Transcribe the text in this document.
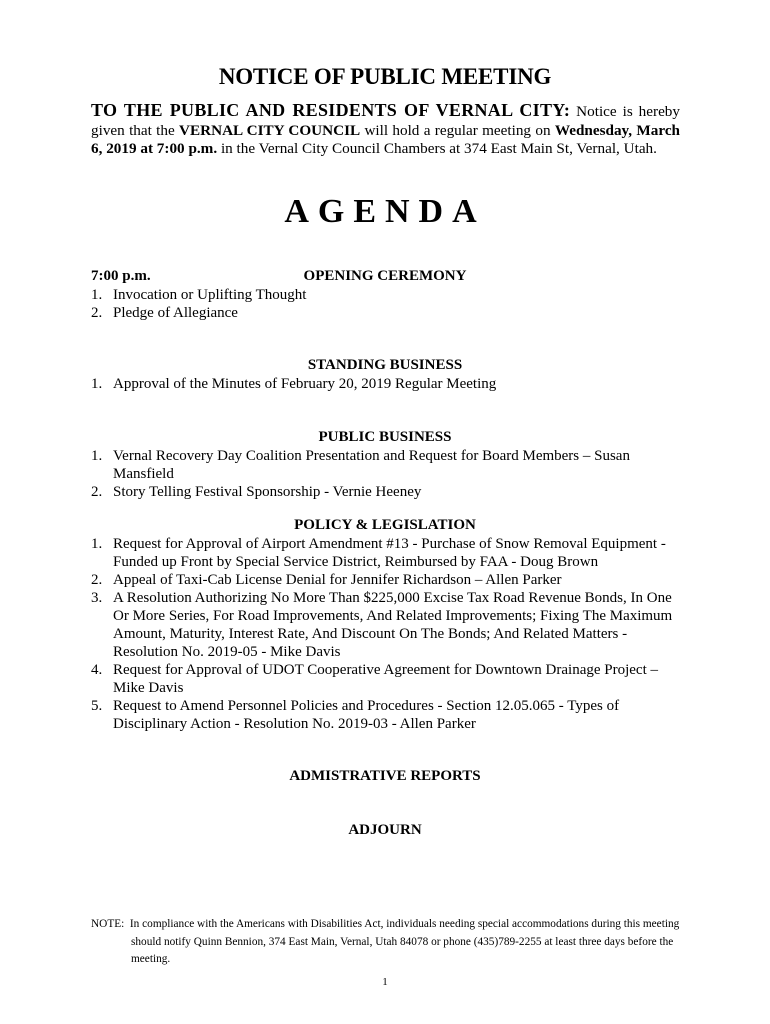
NOTICE OF PUBLIC MEETING
TO THE PUBLIC AND RESIDENTS OF VERNAL CITY: Notice is hereby given that the VERNAL CITY COUNCIL will hold a regular meeting on Wednesday, March 6, 2019 at 7:00 p.m. in the Vernal City Council Chambers at 374 East Main St, Vernal, Utah.
AGENDA
7:00 p.m.	OPENING CEREMONY
1. Invocation or Uplifting Thought
2. Pledge of Allegiance
STANDING BUSINESS
1. Approval of the Minutes of February 20, 2019 Regular Meeting
PUBLIC BUSINESS
1. Vernal Recovery Day Coalition Presentation and Request for Board Members – Susan Mansfield
2. Story Telling Festival Sponsorship - Vernie Heeney
POLICY & LEGISLATION
1. Request for Approval of Airport Amendment #13 - Purchase of Snow Removal Equipment - Funded up Front by Special Service District, Reimbursed by FAA - Doug Brown
2. Appeal of Taxi-Cab License Denial for Jennifer Richardson – Allen Parker
3. A Resolution Authorizing No More Than $225,000 Excise Tax Road Revenue Bonds, In One Or More Series, For Road Improvements, And Related Improvements; Fixing The Maximum Amount, Maturity, Interest Rate, And Discount On The Bonds; And Related Matters - Resolution No. 2019-05 - Mike Davis
4. Request for Approval of UDOT Cooperative Agreement for Downtown Drainage Project – Mike Davis
5. Request to Amend Personnel Policies and Procedures - Section 12.05.065 - Types of Disciplinary Action - Resolution No. 2019-03 - Allen Parker
ADMISTRATIVE REPORTS
ADJOURN
NOTE: In compliance with the Americans with Disabilities Act, individuals needing special accommodations during this meeting should notify Quinn Bennion, 374 East Main, Vernal, Utah 84078 or phone (435)789-2255 at least three days before the meeting.
1
